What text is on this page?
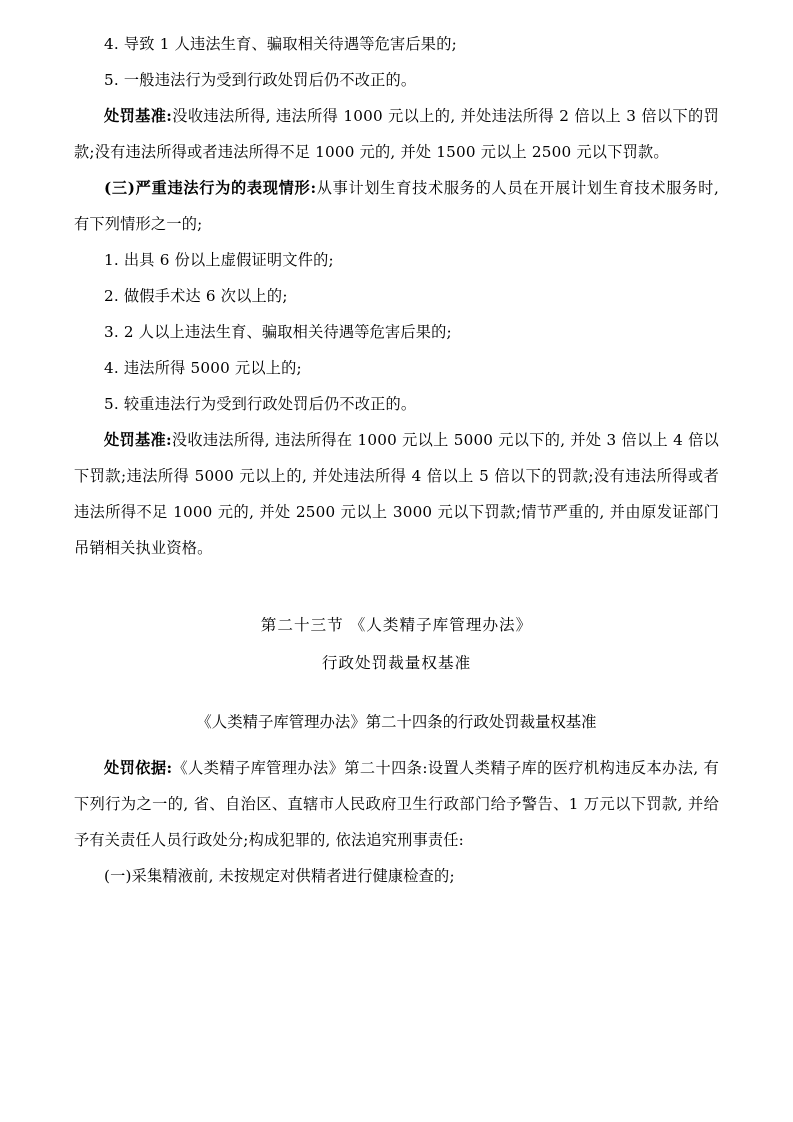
4. 导致 1 人违法生育、骗取相关待遇等危害后果的;

5. 一般违法行为受到行政处罚后仍不改正的。

处罚基准:没收违法所得, 违法所得 1000 元以上的, 并处违法所得 2 倍以上 3 倍以下的罚款;没有违法所得或者违法所得不足 1000 元的, 并处 1500 元以上 2500 元以下罚款。

(三)严重违法行为的表现情形:从事计划生育技术服务的人员在开展计划生育技术服务时, 有下列情形之一的;

1. 出具 6 份以上虚假证明文件的;

2. 做假手术达 6 次以上的;

3. 2 人以上违法生育、骗取相关待遇等危害后果的;

4. 违法所得 5000 元以上的;

5. 较重违法行为受到行政处罚后仍不改正的。

处罚基准:没收违法所得, 违法所得在 1000 元以上 5000 元以下的, 并处 3 倍以上 4 倍以下罚款;违法所得 5000 元以上的, 并处违法所得 4 倍以上 5 倍以下的罚款;没有违法所得或者违法所得不足 1000 元的, 并处 2500 元以上 3000 元以下罚款;情节严重的, 并由原发证部门吊销相关执业资格。

第二十三节 《人类精子库管理办法》

行政处罚裁量权基准

《人类精子库管理办法》第二十四条的行政处罚裁量权基准

处罚依据:《人类精子库管理办法》第二十四条:设置人类精子库的医疗机构违反本办法, 有下列行为之一的, 省、自治区、直辖市人民政府卫生行政部门给予警告、1 万元以下罚款, 并给予有关责任人员行政处分;构成犯罪的, 依法追究刑事责任:

(一)采集精液前, 未按规定对供精者进行健康检查的;
